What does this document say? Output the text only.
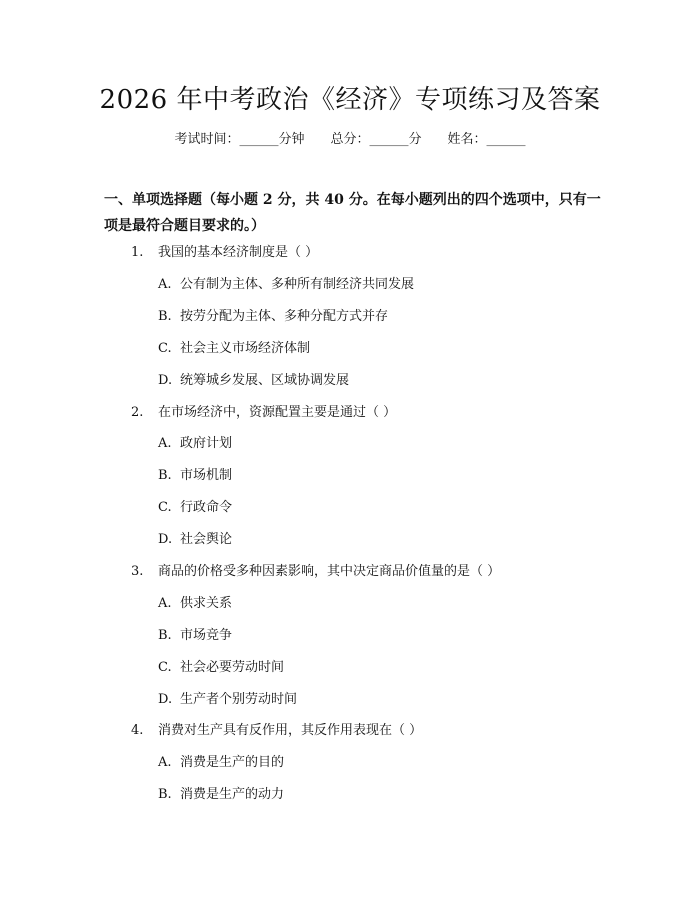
2026 年中考政治《经济》专项练习及答案
考试时间：______分钟 总分：______分 姓名：______
一、单项选择题（每小题 2 分，共 40 分。在每小题列出的四个选项中，只有一项是最符合题目要求的。）
1. 我国的基本经济制度是（ ）
A. 公有制为主体、多种所有制经济共同发展
B. 按劳分配为主体、多种分配方式并存
C. 社会主义市场经济体制
D. 统筹城乡发展、区域协调发展
2. 在市场经济中，资源配置主要是通过（ ）
A. 政府计划
B. 市场机制
C. 行政命令
D. 社会舆论
3. 商品的价格受多种因素影响，其中决定商品价值量的是（ ）
A. 供求关系
B. 市场竞争
C. 社会必要劳动时间
D. 生产者个别劳动时间
4. 消费对生产具有反作用，其反作用表现在（ ）
A. 消费是生产的目的
B. 消费是生产的动力
